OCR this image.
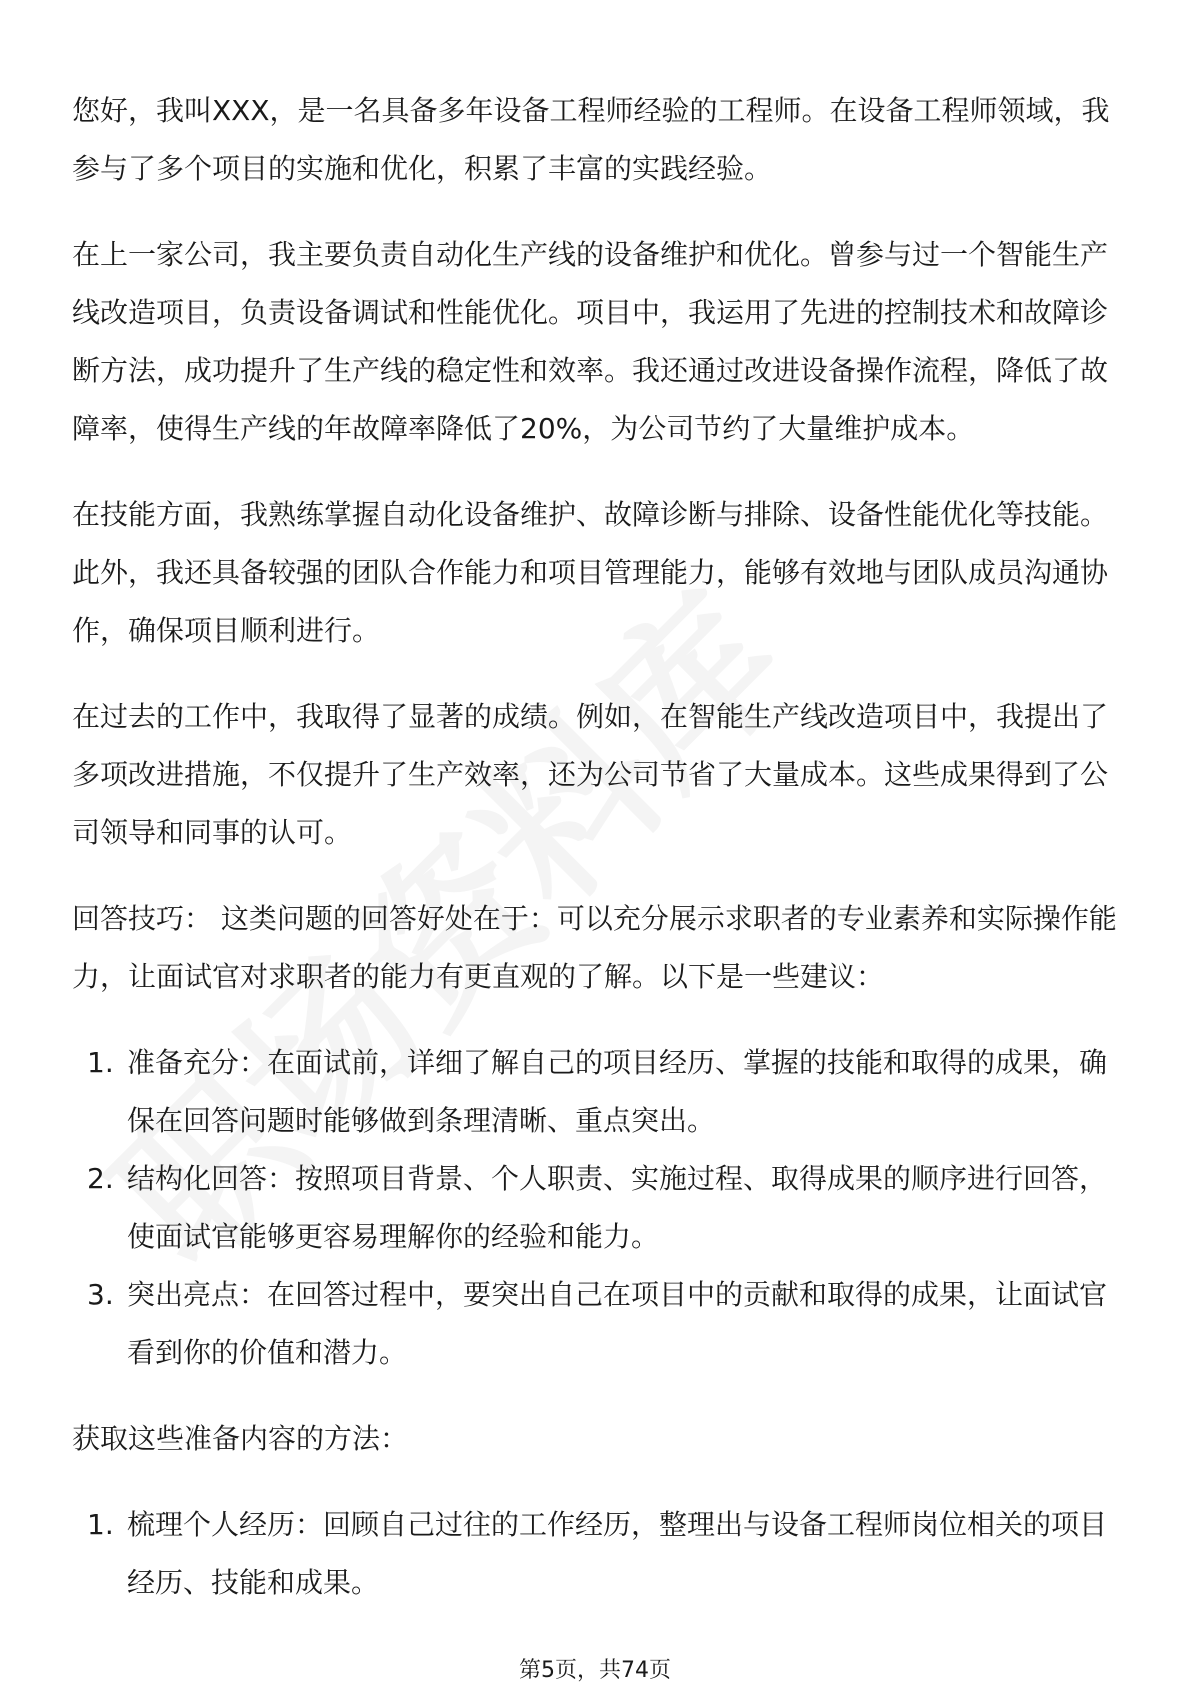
您好，我叫XXX，是一名具备多年设备工程师经验的工程师。在设备工程师领域，我参与了多个项目的实施和优化，积累了丰富的实践经验。

在上一家公司，我主要负责自动化生产线的设备维护和优化。曾参与过一个智能生产线改造项目，负责设备调试和性能优化。项目中，我运用了先进的控制技术和故障诊断方法，成功提升了生产线的稳定性和效率。我还通过改进设备操作流程，降低了故障率，使得生产线的年故障率降低了20%，为公司节约了大量维护成本。

在技能方面，我熟练掌握自动化设备维护、故障诊断与排除、设备性能优化等技能。此外，我还具备较强的团队合作能力和项目管理能力，能够有效地与团队成员沟通协作，确保项目顺利进行。

在过去的工作中，我取得了显著的成绩。例如，在智能生产线改造项目中，我提出了多项改进措施，不仅提升了生产效率，还为公司节省了大量成本。这些成果得到了公司领导和同事的认可。

回答技巧： 这类问题的回答好处在于：可以充分展示求职者的专业素养和实际操作能力，让面试官对求职者的能力有更直观的了解。以下是一些建议：

1. 准备充分：在面试前，详细了解自己的项目经历、掌握的技能和取得的成果，确保在回答问题时能够做到条理清晰、重点突出。
2. 结构化回答：按照项目背景、个人职责、实施过程、取得成果的顺序进行回答，使面试官能够更容易理解你的经验和能力。
3. 突出亮点：在回答过程中，要突出自己在项目中的贡献和取得的成果，让面试官看到你的价值和潜力。

获取这些准备内容的方法：

1. 梳理个人经历：回顾自己过往的工作经历，整理出与设备工程师岗位相关的项目经历、技能和成果。
第5页，共74页
